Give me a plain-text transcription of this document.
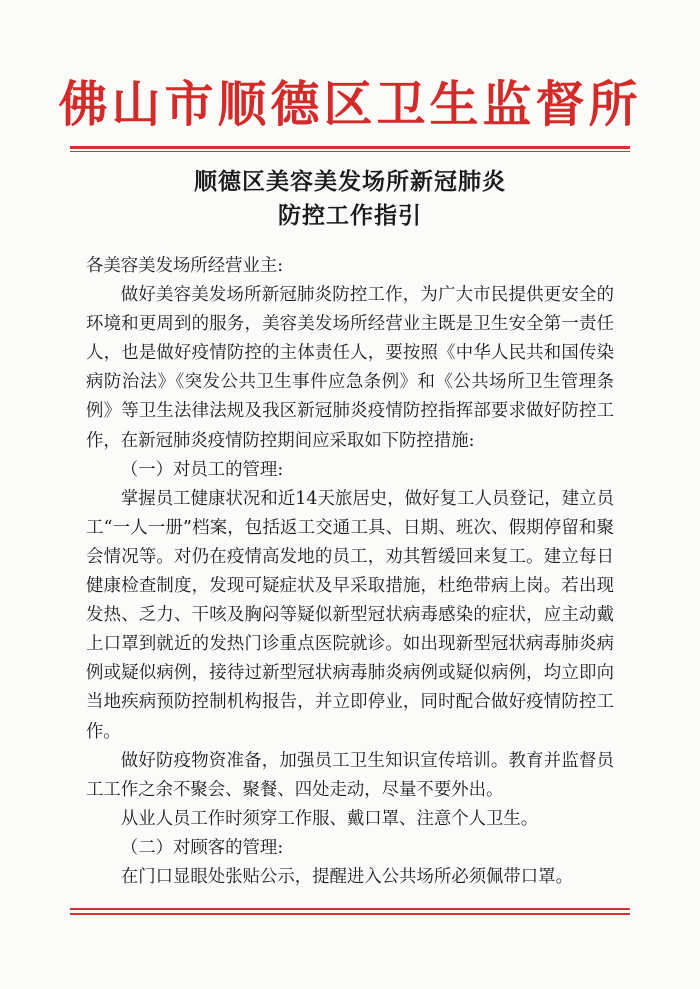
佛山市顺德区卫生监督所
顺德区美容美发场所新冠肺炎
防控工作指引

各美容美发场所经营业主:

做好美容美发场所新冠肺炎防控工作，为广大市民提供更安全的环境和更周到的服务，美容美发场所经营业主既是卫生安全第一责任人，也是做好疫情防控的主体责任人，要按照《中华人民共和国传染病防治法》《突发公共卫生事件应急条例》和《公共场所卫生管理条例》等卫生法律法规及我区新冠肺炎疫情防控指挥部要求做好防控工作，在新冠肺炎疫情防控期间应采取如下防控措施:

（一）对员工的管理:

掌握员工健康状况和近14天旅居史，做好复工人员登记，建立员工“一人一册”档案，包括返工交通工具、日期、班次、假期停留和聚会情况等。对仍在疫情高发地的员工，劝其暂缓回来复工。建立每日健康检查制度，发现可疑症状及早采取措施，杜绝带病上岗。若出现发热、乏力、干咳及胸闷等疑似新型冠状病毒感染的症状，应主动戴上口罩到就近的发热门诊重点医院就诊。如出现新型冠状病毒肺炎病例或疑似病例，接待过新型冠状病毒肺炎病例或疑似病例，均立即向当地疾病预防控制机构报告，并立即停业，同时配合做好疫情防控工作。

做好防疫物资准备，加强员工卫生知识宣传培训。教育并监督员工工作之余不聚会、聚餐、四处走动，尽量不要外出。

从业人员工作时须穿工作服、戴口罩、注意个人卫生。

（二）对顾客的管理:

在门口显眼处张贴公示，提醒进入公共场所必须佩带口罩。
